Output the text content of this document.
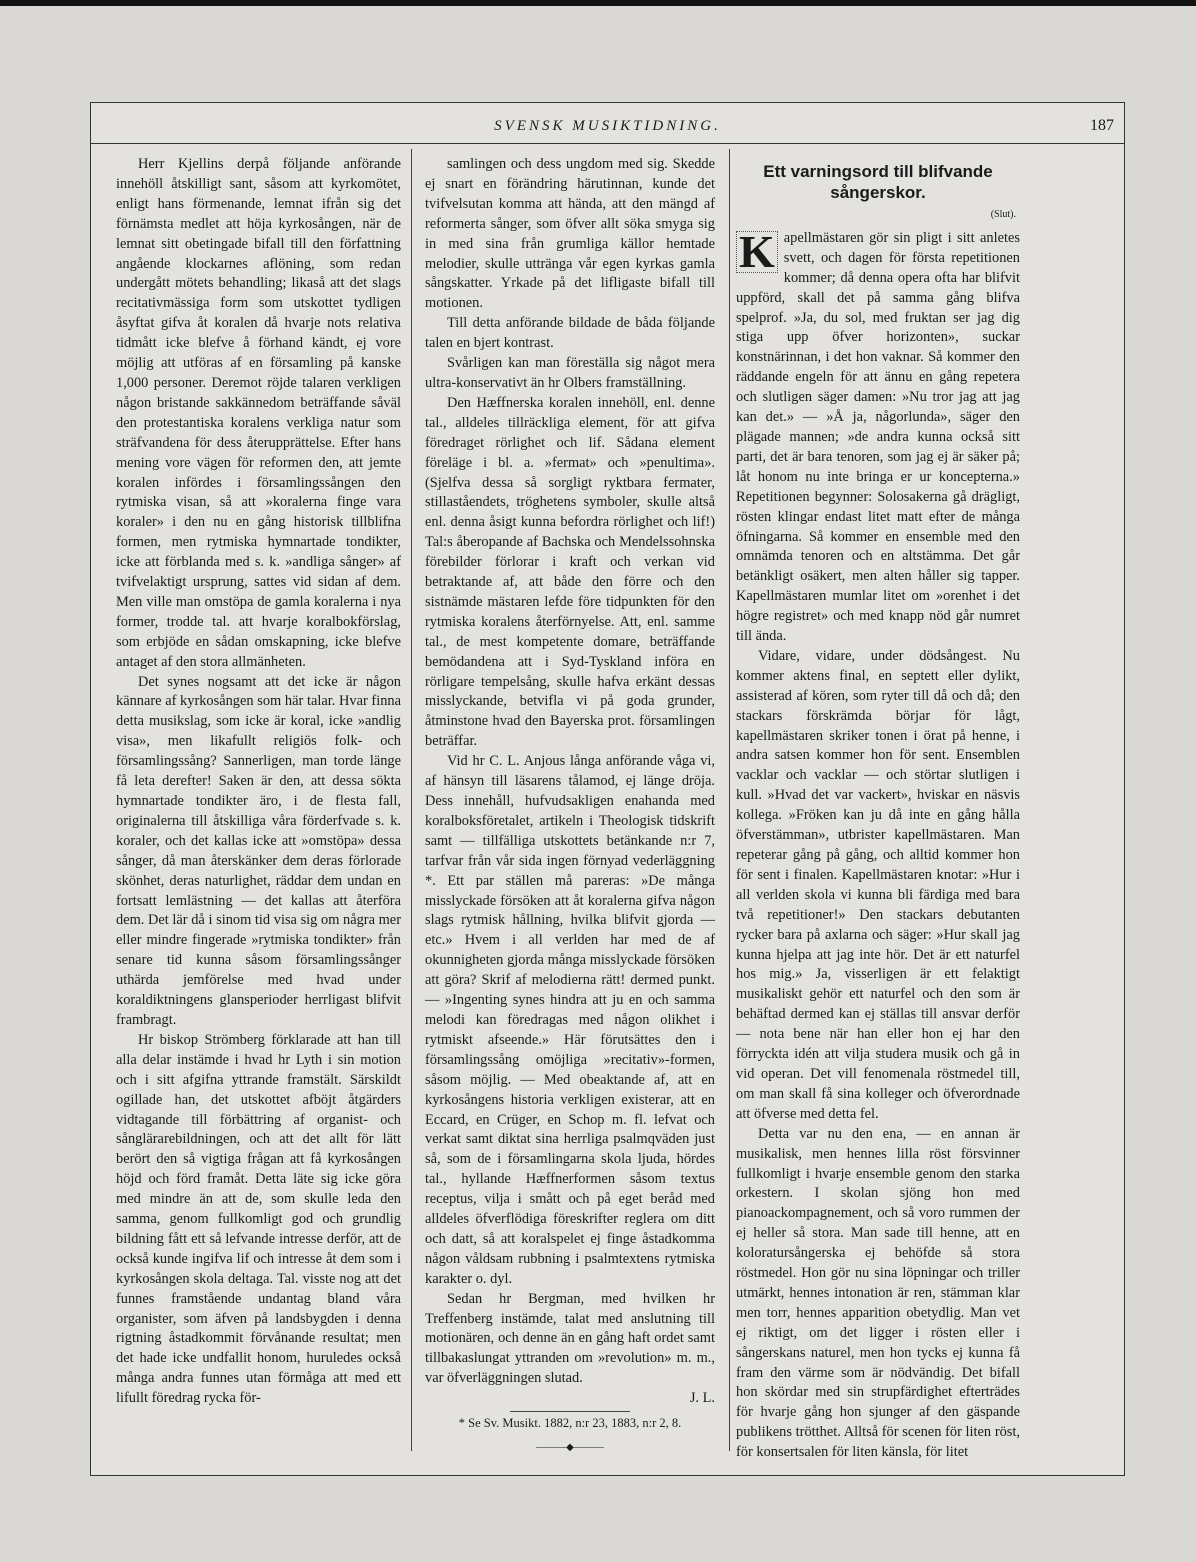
SVENSK MUSIKTIDNING.	187

Herr Kjellins derpå följande anförande innehöll åtskilligt sant, såsom att kyrkomötet, enligt hans förmenande, lemnat ifrån sig det förnämsta medlet att höja kyrkosången, när de lemnat sitt obetingade bifall till den författning angående klockarnes aflöning, som redan undergått mötets behandling; likaså att det slags recitativmässiga form som utskottet tydligen åsyftat gifva åt koralen då hvarje nots relativa tidmått icke blefve å förhand kändt, ej vore möjlig att utföras af en församling på kanske 1,000 personer. Deremot röjde talaren verkligen någon bristande sakkännedom beträffande såväl den protestantiska koralens verkliga natur som sträfvandena för dess återupprättelse. Efter hans mening vore vägen för reformen den, att jemte koralen infördes i församlingssången den rytmiska visan, så att »koralerna finge vara koraler» i den nu en gång historisk tillblifna formen, men rytmiska hymnartade tondikter, icke att förblanda med s. k. »andliga sånger» af tvifvelaktigt ursprung, sattes vid sidan af dem. Men ville man omstöpa de gamla koralerna i nya former, trodde tal. att hvarje koralbokförslag, som erbjöde en sådan omskapning, icke blefve antaget af den stora allmänheten.

Det synes nogsamt att det icke är någon kännare af kyrkosången som här talar. Hvar finna detta musikslag, som icke är koral, icke »andlig visa», men likafullt religiös folk- och församlingssång? Sannerligen, man torde länge få leta derefter! Saken är den, att dessa sökta hymnartade tondikter äro, i de flesta fall, originalerna till åtskilliga våra förderfvade s. k. koraler, och det kallas icke att »omstöpa» dessa sånger, då man återskänker dem deras förlorade skönhet, deras naturlighet, räddar dem undan en fortsatt lemlästning — det kallas att återföra dem. Det lär då i sinom tid visa sig om några mer eller mindre fingerade »rytmiska tondikter» från senare tid kunna såsom församlingssånger uthärda jemförelse med hvad under koraldiktningens glansperioder herrligast blifvit frambragt.

Hr biskop Strömberg förklarade att han till alla delar instämde i hvad hr Lyth i sin motion och i sitt afgifna yttrande framstält. Särskildt ogillade han, det utskottet afböjt åtgärders vidtagande till förbättring af organist- och sånglärarebildningen, och att det allt för lätt berört den så vigtiga frågan att få kyrkosången höjd och förd framåt. Detta läte sig icke göra med mindre än att de, som skulle leda den samma, genom fullkomligt god och grundlig bildning fått ett så lefvande intresse derför, att de också kunde ingifva lif och intresse åt dem som i kyrkosången skola deltaga. Tal. visste nog att det funnes framstående undantag bland våra organister, som äfven på landsbygden i denna rigtning åstadkommit förvånande resultat; men det hade icke undfallit honom, huruledes också många andra funnes utan förmåga att med ett lifullt föredrag rycka för-

samlingen och dess ungdom med sig. Skedde ej snart en förändring härutinnan, kunde det tvifvelsutan komma att hända, att den mängd af reformerta sånger, som öfver allt söka smyga sig in med sina från grumliga källor hemtade melodier, skulle uttränga vår egen kyrkas gamla sångskatter. Yrkade på det lifligaste bifall till motionen.

Till detta anförande bildade de båda följande talen en bjert kontrast.

Svårligen kan man föreställa sig något mera ultra-konservativt än hr Olbers framställning.

Den Hæffnerska koralen innehöll, enl. denne tal., alldeles tillräckliga element, för att gifva föredraget rörlighet och lif. Sådana element föreläge i bl. a. »fermat» och »penultima». (Sjelfva dessa så sorgligt ryktbara fermater, stillaståendets, tröghetens symboler, skulle altså enl. denna åsigt kunna befordra rörlighet och lif!) Tal:s åberopande af Bachska och Mendelssohnska förebilder förlorar i kraft och verkan vid betraktande af, att både den förre och den sistnämde mästaren lefde före tidpunkten för den rytmiska koralens återförnyelse. Att, enl. samme tal., de mest kompetente domare, beträffande bemödandena att i Syd-Tyskland införa en rörligare tempelsång, skulle hafva erkänt dessas misslyckande, betvifla vi på goda grunder, åtminstone hvad den Bayerska prot. församlingen beträffar.

Vid hr C. L. Anjous långa anförande våga vi, af hänsyn till läsarens tålamod, ej länge dröja. Dess innehåll, hufvudsakligen enahanda med koralboksföretalet, artikeln i Theologisk tidskrift samt — tillfälliga utskottets betänkande n:r 7, tarfvar från vår sida ingen förnyad vederläggning *. Ett par ställen må pareras: »De många misslyckade försöken att åt koralerna gifva någon slags rytmisk hållning, hvilka blifvit gjorda — etc.» Hvem i all verlden har med de af okunnigheten gjorda många misslyckade försöken att göra? Skrif af melodierna rätt! dermed punkt. — »Ingenting synes hindra att ju en och samma melodi kan föredragas med någon olikhet i rytmiskt afseende.» Här förutsättes den i församlingssång omöjliga »recitativ»-formen, såsom möjlig. — Med obeaktande af, att en kyrkosångens historia verkligen existerar, att en Eccard, en Crüger, en Schop m. fl. lefvat och verkat samt diktat sina herrliga psalmqväden just så, som de i församlingarna skola ljuda, hördes tal., hyllande Hæffnerformen såsom textus receptus, vilja i smått och på eget beråd med alldeles öfverflödiga föreskrifter reglera om ditt och datt, så att koralspelet ej finge åstadkomma någon våldsam rubbning i psalmtextens rytmiska karakter o. dyl.

Sedan hr Bergman, med hvilken hr Treffenberg instämde, talat med anslutning till motionären, och denne än en gång haft ordet samt tillbakaslungat yttranden om »revolution» m. m., var öfverläggningen slutad.

J. L.

* Se Sv. Musikt. 1882, n:r 23, 1883, n:r 2, 8.

———◆———
Ett varningsord till blifvande sångerskor.
(Slut).

K apellmästaren gör sin pligt i sitt anletes svett, och dagen för första repetitionen kommer; då denna opera ofta har blifvit uppförd, skall det på samma gång blifva spelprof. »Ja, du sol, med fruktan ser jag dig stiga upp öfver horizonten», suckar konstnärinnan, i det hon vaknar. Så kommer den räddande engeln för att ännu en gång repetera och slutligen säger damen: »Nu tror jag att jag kan det.» — »Å ja, någorlunda», säger den plägade mannen; »de andra kunna också sitt parti, det är bara tenoren, som jag ej är säker på; låt honom nu inte bringa er ur koncepterna.» Repetitionen begynner: Solosakerna gå drägligt, rösten klingar endast litet matt efter de många öfningarna. Så kommer en ensemble med den omnämda tenoren och en altstämma. Det går betänkligt osäkert, men alten håller sig tapper. Kapellmästaren mumlar litet om »orenhet i det högre registret» och med knapp nöd går numret till ända.

Vidare, vidare, under dödsångest. Nu kommer aktens final, en septett eller dylikt, assisterad af kören, som ryter till då och då; den stackars förskrämda börjar för lågt, kapellmästaren skriker tonen i örat på henne, i andra satsen kommer hon för sent. Ensemblen vacklar och vacklar — och störtar slutligen i kull. »Hvad det var vackert», hviskar en näsvis kollega. »Fröken kan ju då inte en gång hålla öfverstämman», utbrister kapellmästaren. Man repeterar gång på gång, och alltid kommer hon för sent i finalen. Kapellmästaren knotar: »Hur i all verlden skola vi kunna bli färdiga med bara två repetitioner!» Den stackars debutanten rycker bara på axlarna och säger: »Hur skall jag kunna hjelpa att jag inte hör. Det är ett naturfel hos mig.» Ja, visserligen är ett felaktigt musikaliskt gehör ett naturfel och den som är behäftad dermed kan ej ställas till ansvar derför — nota bene när han eller hon ej har den förryckta idén att vilja studera musik och gå in vid operan. Det vill fenomenala röstmedel till, om man skall få sina kolleger och öfverordnade att öfverse med detta fel.

Detta var nu den ena, — en annan är musikalisk, men hennes lilla röst försvinner fullkomligt i hvarje ensemble genom den starka orkestern. I skolan sjöng hon med pianoackompagnement, och så voro rummen der ej heller så stora. Man sade till henne, att en koloratursångerska ej behöfde så stora röstmedel. Hon gör nu sina löpningar och triller utmärkt, hennes intonation är ren, stämman klar men torr, hennes apparition obetydlig. Man vet ej riktigt, om det ligger i rösten eller i sångerskans naturel, men hon tycks ej kunna få fram den värme som är nödvändig. Det bifall hon skördar med sin strupfärdighet efterträdes för hvarje gång hon sjunger af den gäspande publikens trötthet. Alltså för scenen för liten röst, för konsertsalen för liten känsla, för litet
